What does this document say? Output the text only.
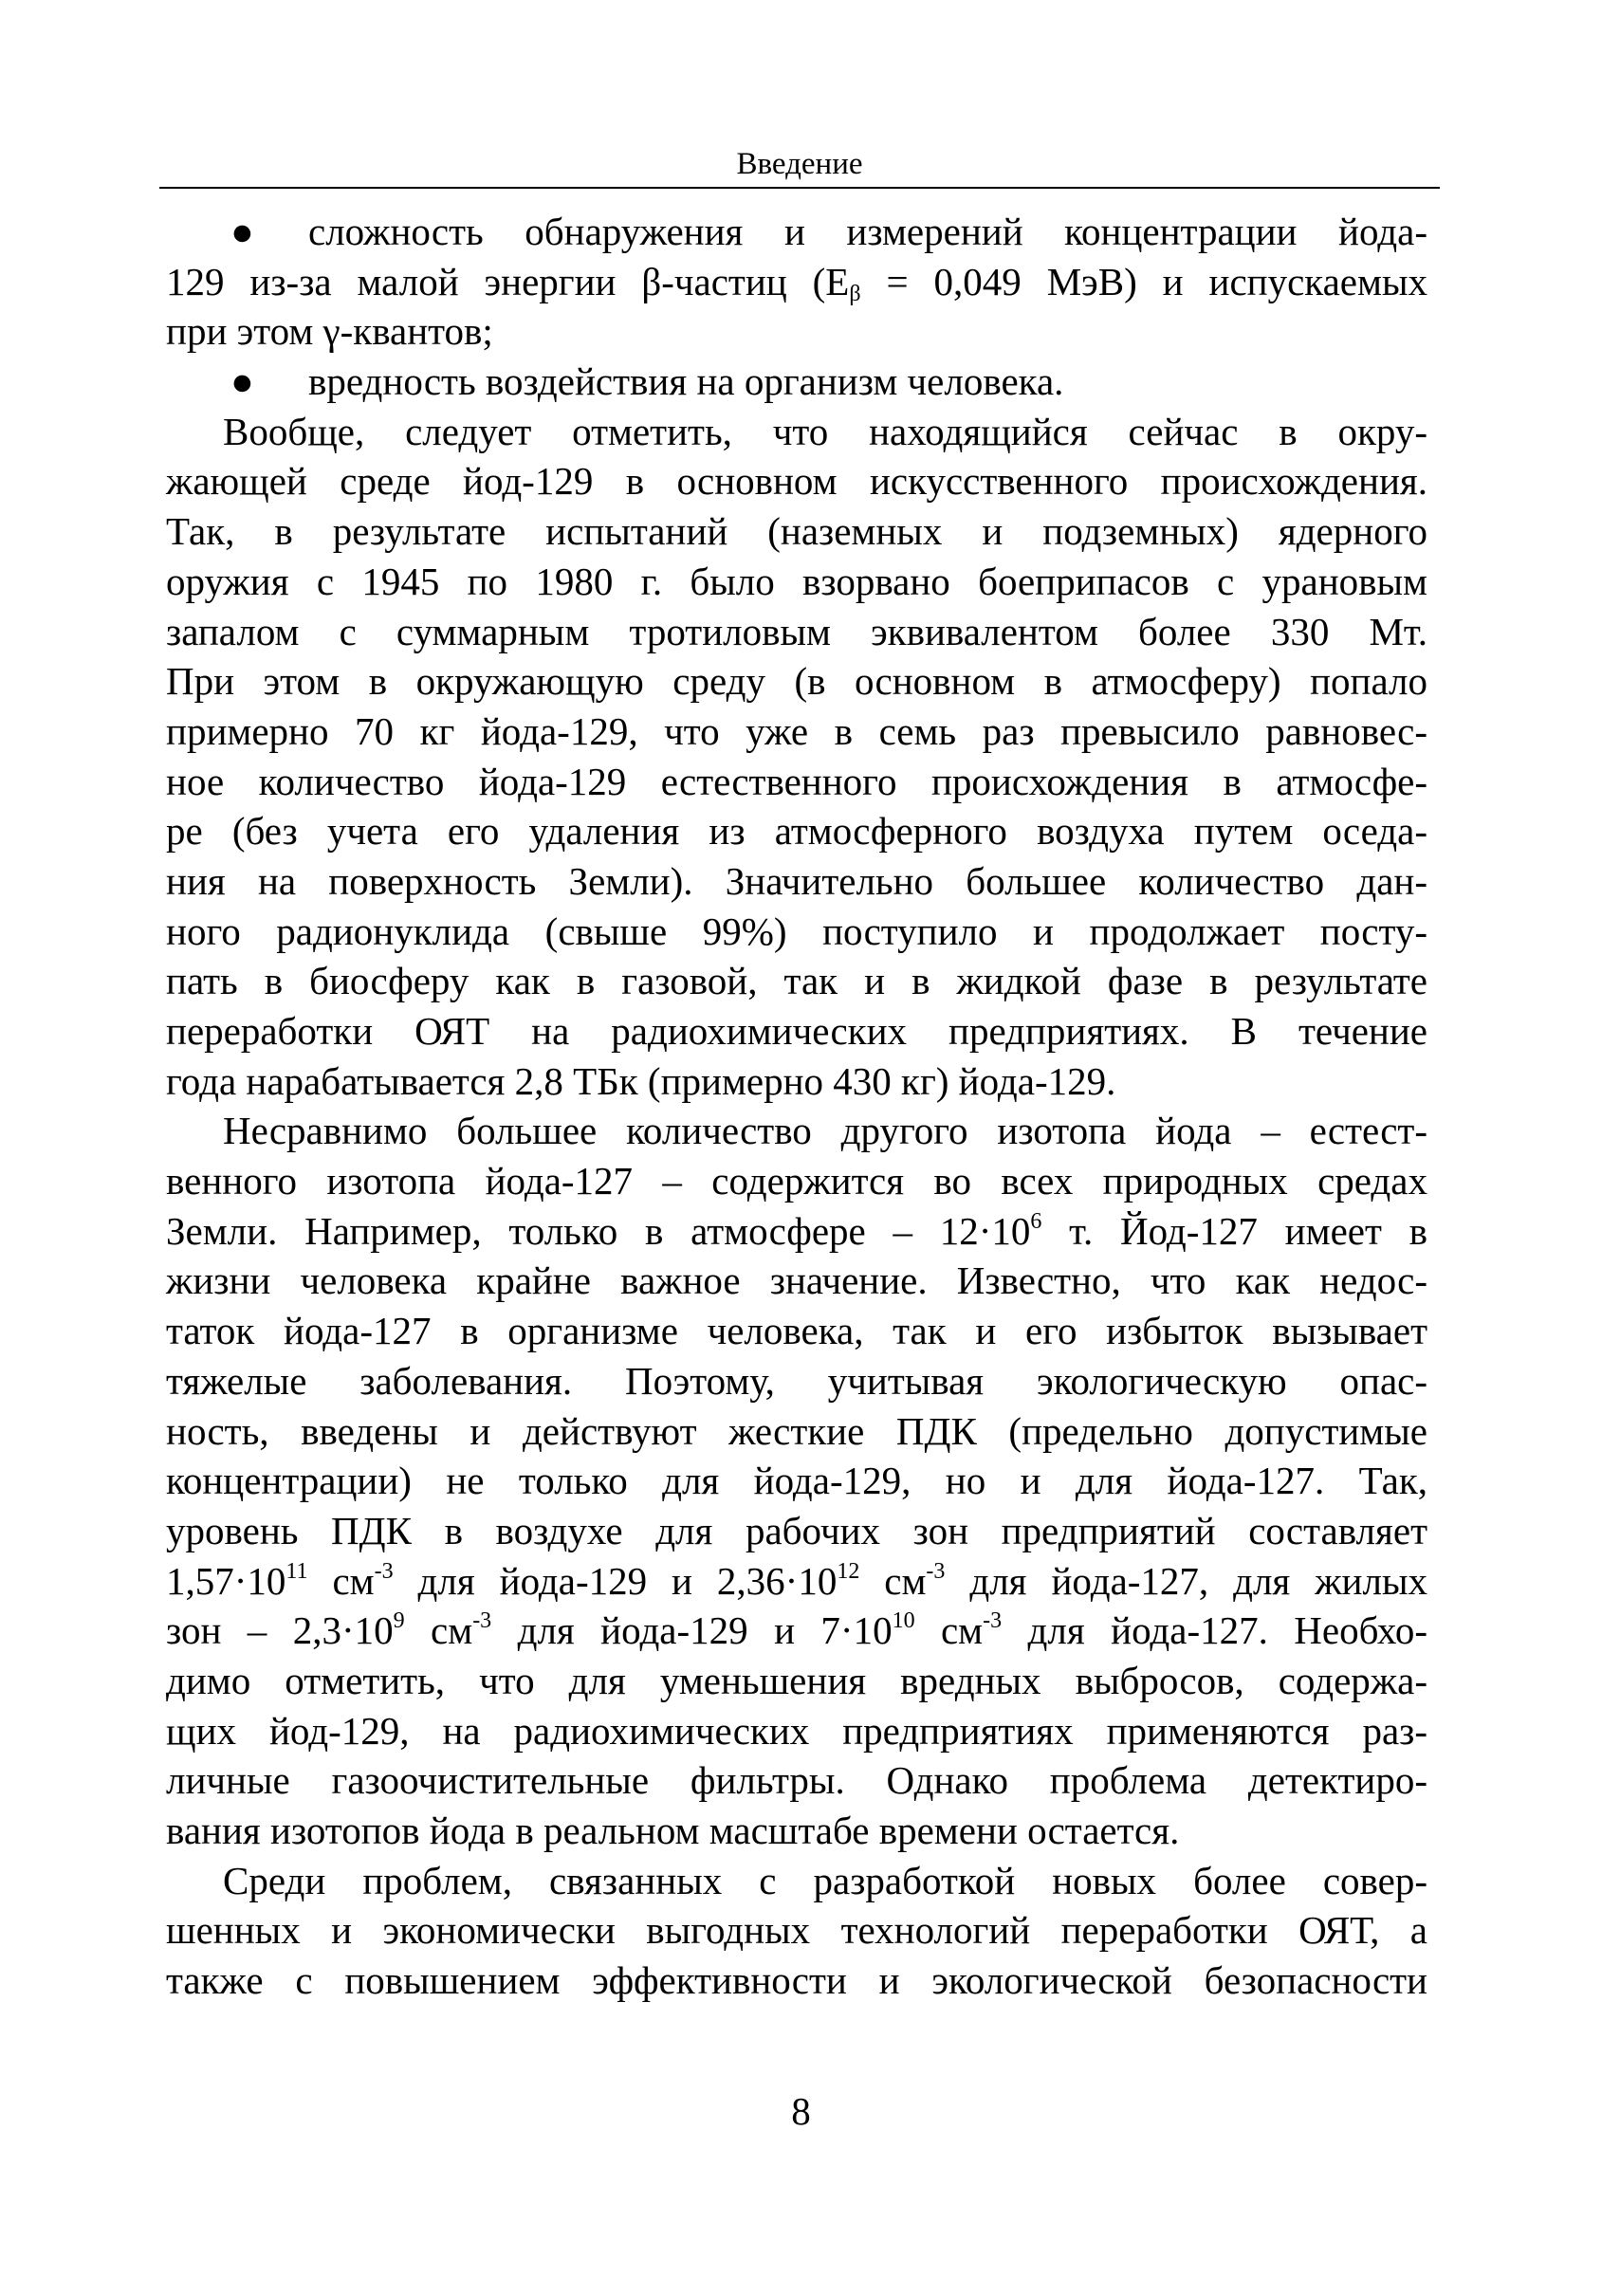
Введение
● сложность обнаружения и измерений концентрации йода-
129 из-за малой энергии β-частиц ($E_\beta = 0,049$ МэВ) и испускаемых
при этом γ-квантов;
● вредность воздействия на организм человека.
Вообще, следует отметить, что находящийся сейчас в окру-
жающей среде йод-129 в основном искусственного происхождения.
Так, в результате испытаний (наземных и подземных) ядерного
оружия с 1945 по 1980 г. было взорвано боеприпасов с урановым
запалом с суммарным тротиловым эквивалентом более 330 Мт.
При этом в окружающую среду (в основном в атмосферу) попало
примерно 70 кг йода-129, что уже в семь раз превысило равновес-
ное количество йода-129 естественного происхождения в атмосфе-
ре (без учета его удаления из атмосферного воздуха путем оседа-
ния на поверхность Земли). Значительно большее количество дан-
ного радионуклида (свыше 99%) поступило и продолжает посту-
пать в биосферу как в газовой, так и в жидкой фазе в результате
переработки ОЯТ на радиохимических предприятиях. В течение
года нарабатывается 2,8 ТБк (примерно 430 кг) йода-129.
Несравнимо большее количество другого изотопа йода – естест-
венного изотопа йода-127 – содержится во всех природных средах
Земли. Например, только в атмосфере – $12\cdot 10^6$ т. Йод-127 имеет в
жизни человека крайне важное значение. Известно, что как недос-
таток йода-127 в организме человека, так и его избыток вызывает
тяжелые заболевания. Поэтому, учитывая экологическую опас-
ность, введены и действуют жесткие ПДК (предельно допустимые
концентрации) не только для йода-129, но и для йода-127. Так,
уровень ПДК в воздухе для рабочих зон предприятий составляет
$1,57\cdot 10^{11}$ $см^{-3}$ для йода-129 и $2,36\cdot 10^{12}$ $см^{-3}$ для йода-127, для жилых
зон – $2,3\cdot 10^9$ $см^{-3}$ для йода-129 и $7\cdot 10^{10}$ $см^{-3}$ для йода-127. Необхо-
димо отметить, что для уменьшения вредных выбросов, содержа-
щих йод-129, на радиохимических предприятиях применяются раз-
личные газоочистительные фильтры. Однако проблема детектиро-
вания изотопов йода в реальном масштабе времени остается.
Среди проблем, связанных с разработкой новых более совер-
шенных и экономически выгодных технологий переработки ОЯТ, а
также с повышением эффективности и экологической безопасности
8
